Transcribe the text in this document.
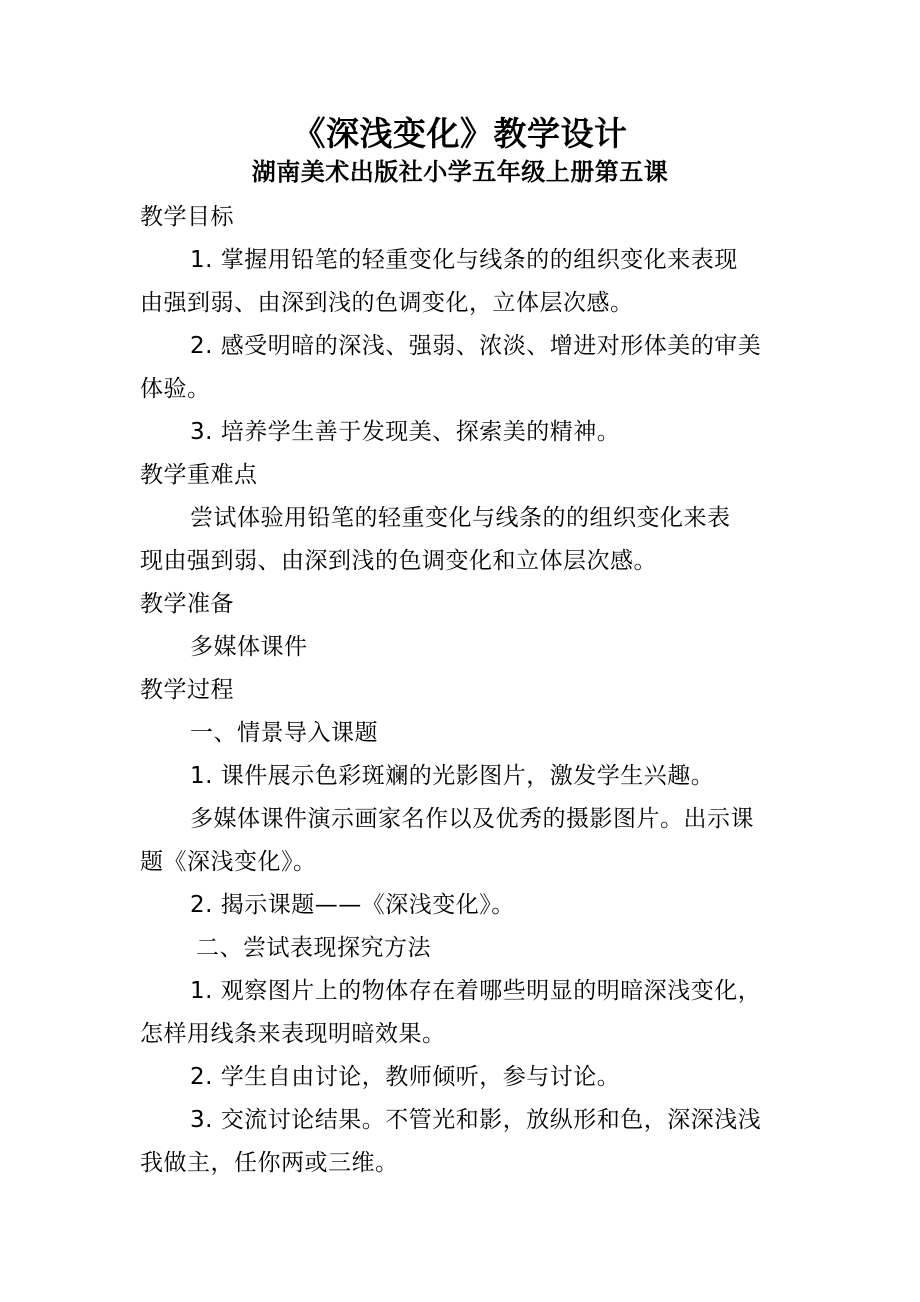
《深浅变化》教学设计
湖南美术出版社小学五年级上册第五课
教学目标
1. 掌握用铅笔的轻重变化与线条的的组织变化来表现
由强到弱、由深到浅的色调变化，立体层次感。
2. 感受明暗的深浅、强弱、浓淡、增进对形体美的审美
体验。
3. 培养学生善于发现美、探索美的精神。
教学重难点
尝试体验用铅笔的轻重变化与线条的的组织变化来表
现由强到弱、由深到浅的色调变化和立体层次感。
教学准备
多媒体课件
教学过程
一、情景导入课题
1. 课件展示色彩斑斓的光影图片，激发学生兴趣。
多媒体课件演示画家名作以及优秀的摄影图片。出示课
题《深浅变化》。
2. 揭示课题——《深浅变化》。
二、尝试表现探究方法
1. 观察图片上的物体存在着哪些明显的明暗深浅变化，
怎样用线条来表现明暗效果。
2. 学生自由讨论，教师倾听，参与讨论。
3. 交流讨论结果。不管光和影，放纵形和色，深深浅浅
我做主，任你两或三维。
